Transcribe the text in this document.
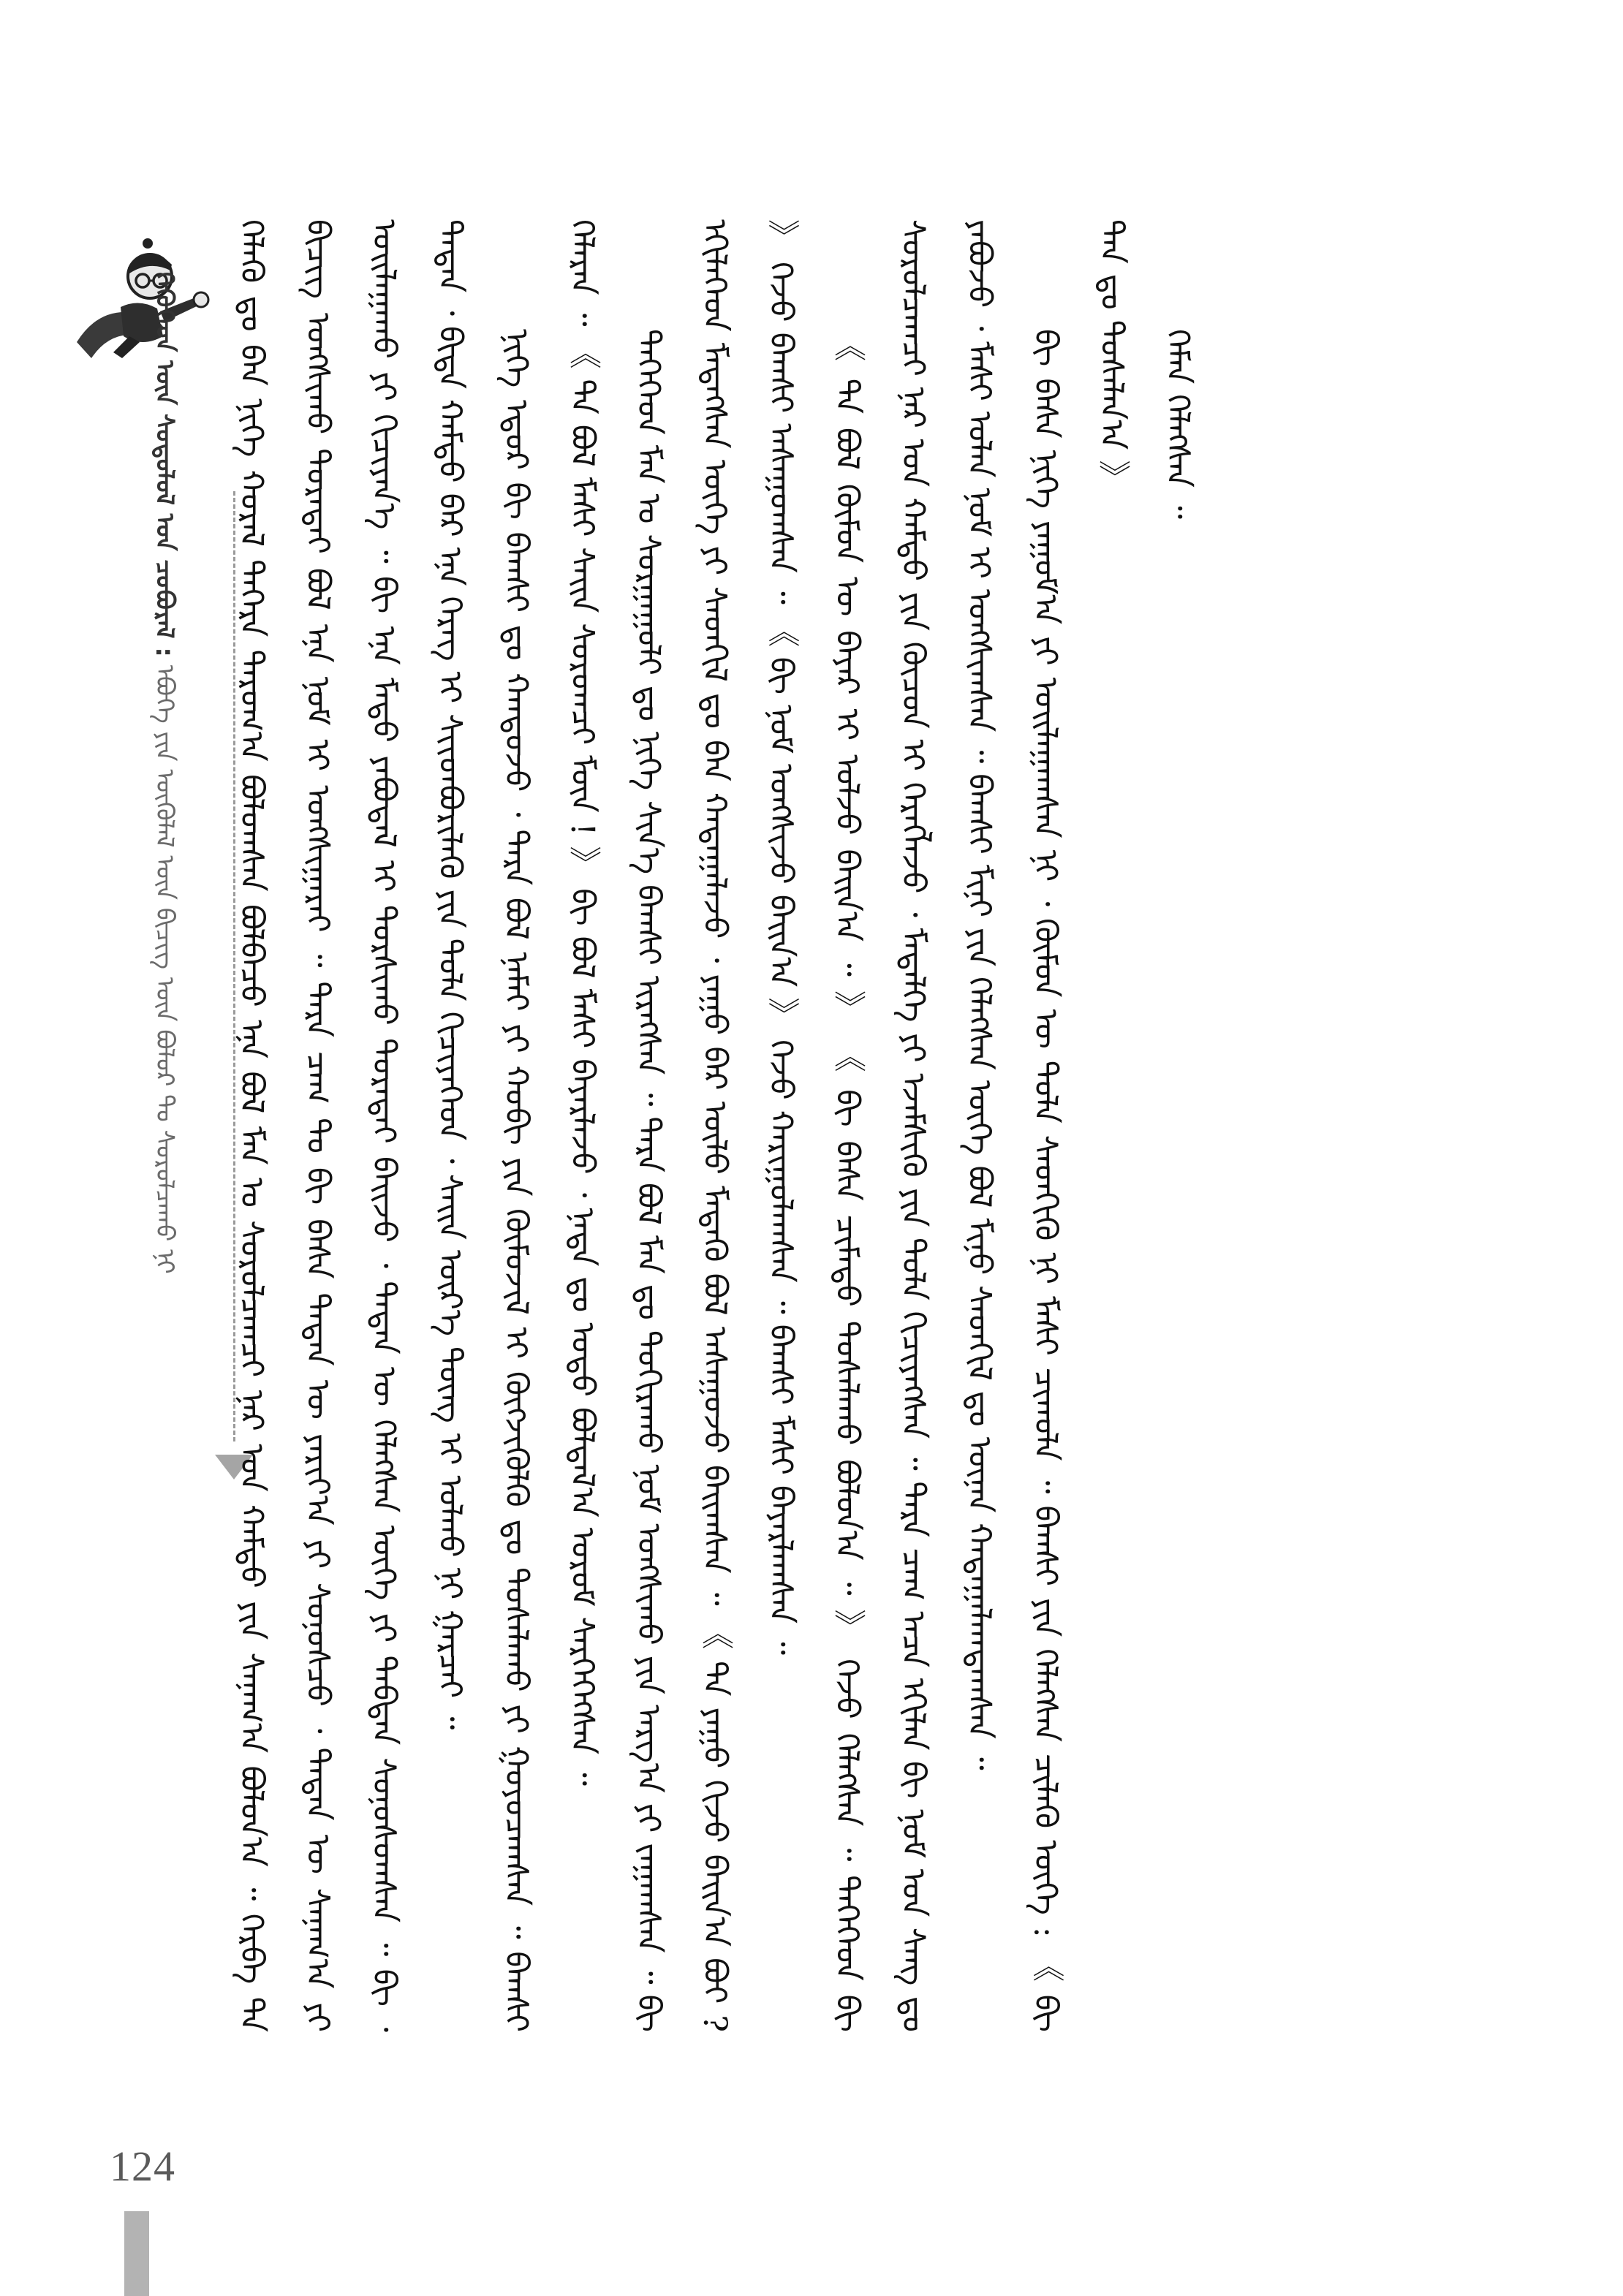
ᠬᠡᠭᠦᠬᠡᠳ ᠦᠨ ᠰᠤᠳᠤᠯᠤᠯ ᠤᠨ ᠴᠤᠪᠤᠷᠠᠯ : ᠡᠪᠦᠭᠡ ᠶᠢᠨ ᠥᠭᠦᠯᠡᠯ ᠦᠨ ᠪᠢᠴᠢᠭ ᠦᠨ ᠪᠤᠯᠤᠷ ᠲᠤ ᠰᠤᠷᠤᠯᠴᠠᠬᠤ ᠨᠢ	ᠬᠡᠯᠡᠬᠦ ᠳᠤ ᠪᠠᠨ ᠨᠢᠭᠡ ᠬᠤᠷᠠᠯ ᠳᠡᠭᠡᠷᠡ ᠳᠠᠷᠤᠭ᠎ᠠ ᠪᠤᠯᠤᠭᠰᠠᠨ ᠪᠣᠯᠪᠠᠴᠤ ᠡᠨᠡ ᠪᠣᠯ ᠮᠠᠨ ᠤ ᠰᠤᠷᠤᠯᠴᠠᠭᠴᠢ ᠨᠠᠷ ᠤᠨ ᠬᠠᠮᠲᠤ ᠶᠢᠨ ᠰᠠᠨᠠᠭ᠎ᠠ ᠪᠣᠯᠤᠨ᠎ᠠ ᠃ ᠬᠡᠷᠪᠡ ᠲᠠ ᠪᠢᠴᠢᠭ ᠤᠩᠰᠢᠬᠤ ᠳᠤᠷᠠᠲᠠᠢ ᠪᠣᠯ ᠡᠨᠡ ᠨᠣᠮ ᠢ ᠤᠩᠰᠢᠭᠠᠷᠠᠢ ᠃ ᠲᠡᠷᠡ ᠴᠠᠭ ᠲᠤ ᠪᠢ ᠪᠠᠰᠠ ᠲᠡᠳᠡᠨ ᠦ ᠶᠠᠷᠢᠶ᠎ᠠ ᠶᠢ ᠰᠣᠨᠣᠰᠴᠤ ᠂ ᠲᠡᠳᠡᠨ ᠦ ᠰᠠᠨᠠᠭ᠎ᠠ ᠶᠢ ᠣᠢᠯᠠᠭᠠᠬᠤ ᠶᠢ ᠬᠢᠴᠢᠶᠡᠨ᠎ᠡ ᠃ ᠪᠢ ᠡᠨᠡ ᠮᠡᠲᠦ ᠶᠠᠪᠤᠳᠠᠯ ᠢ ᠲᠤᠷᠰᠢᠬᠤ ᠳᠤᠷᠠᠲᠠᠢ ᠪᠠᠢᠵᠤ ᠂ ᠲᠡᠳᠡᠨ ᠦ ᠬᠡᠯᠡᠭᠰᠡᠨ ᠦᠭᠡ ᠶᠢ ᠳᠠᠪᠲᠠᠨ ᠰᠣᠨᠣᠰᠤᠭᠰᠠᠨ ᠃ ᠪᠢ ᠂ ᠲᠡᠳᠡᠨ ᠂ ᠪᠢᠳᠡ ᠬᠠᠮᠲᠤ ᠪᠡᠷ ᠡᠨᠡ ᠬᠡᠷᠡᠭ ᠢ ᠰᠢᠢᠳᠪᠦᠷᠢᠯᠡᠬᠦ ᠶᠢᠨ ᠲᠤᠯᠠ ᠬᠢᠴᠢᠶᠡᠭᠡᠳ ᠂ ᠰᠠᠢᠨ ᠦᠷ᠎ᠡ ᠳᠦᠩ ᠢ ᠣᠯᠬᠤ ᠨᠢ ᠭᠠᠷᠴᠠᠢ ᠃ ᠨᠢᠭᠡ ᠡᠳᠦᠷ ᠪᠢ ᠪᠠᠭᠰᠢ ᠳᠤ ᠬᠠᠨᠳᠤᠵᠤ ᠂ ᠲᠡᠷᠡ ᠪᠣᠯ ᠨᠠᠮᠠᠢ ᠶᠢ ᠬᠤᠪᠢ ᠶᠢᠨ ᠬᠦᠮᠦᠵᠢᠯ ᠢ ᠬᠥᠭᠵᠢᠭᠦᠯᠬᠦ ᠳᠤ ᠲᠤᠰᠠᠯᠠᠬᠤ ᠶᠢ ᠭᠤᠶᠤᠴᠠᠭᠰᠠᠨ ᠃ ᠪᠠᠭᠰᠢ ᠬᠡᠯᠡᠷᠡᠨ ᠃ 《 ᠲᠠ ᠪᠣᠯ ᠮᠠᠰᠢ ᠰᠠᠢᠨ ᠰᠤᠷᠤᠭᠴᠢ ᠮᠥᠨ ! 》 ᠪᠢ ᠪᠣᠯ ᠮᠠᠰᠢ ᠪᠠᠶᠠᠷᠯᠠᠵᠤ ᠂ ᠨᠠᠳᠠ ᠳᠤ ᠣᠳᠣ ᠪᠣᠯᠲᠠᠯ᠎ᠠ ᠤᠷᠤᠮ ᠰᠡᠷᠭᠡᠭᠡᠭᠰᠡᠨ ᠃ ᠲᠡᠭᠡᠭᠡᠳ ᠮᠠᠨ ᠤ ᠰᠤᠷᠭᠠᠭᠤᠯᠢ ᠳᠤ ᠨᠢᠭᠡ ᠰᠢᠨ᠎ᠡ ᠪᠠᠭᠰᠢ ᠢᠷᠡᠭᠰᠡᠨ ᠃ ᠲᠡᠷᠡ ᠪᠣᠯ ᠮᠠᠨ ᠳᠤ ᠲᠤᠬᠢᠷᠠᠬᠤ ᠨᠣᠮ ᠤᠩᠰᠢᠬᠤ ᠶᠢᠨ ᠠᠷᠭ᠎ᠠ ᠶᠢ ᠵᠠᠭᠠᠭᠰᠠᠨ ᠃ ᠪᠢ ᠡᠬᠢᠯᠡᠭᠡᠳ ᠮᠡᠳᠡᠭᠰᠡᠨ ᠦᠭᠡ ᠶᠢ ᠰᠡᠳᠬᠢᠯ ᠳᠤ ᠪᠠᠨ ᠬᠠᠳᠠᠭᠠᠯᠠᠵᠤ ᠂ ᠶᠠᠭᠤ ᠪᠠᠷ ᠦᠯᠦ ᠮᠡᠳᠡᠬᠦ ᠪᠣᠯ ᠠᠰᠠᠭᠤᠵᠤ ᠪᠠᠢᠭᠰᠠᠨ ᠃ 《 ᠲᠠ ᠶᠠᠭᠤ ᠬᠢᠵᠦ ᠪᠠᠢᠨ᠎ᠠ ᠪᠤᠢ ? 》 ᠭᠡᠵᠦ ᠪᠠᠭᠰᠢ ᠠᠰᠠᠭᠤᠭᠰᠠᠨ ᠃ 《 ᠪᠢ ᠨᠣᠮ ᠤᠩᠰᠢᠵᠤ ᠪᠠᠢᠨ᠎ᠠ 》 ᠭᠡᠵᠦ ᠬᠠᠷᠢᠭᠤᠯᠠᠭᠰᠠᠨ ᠃ ᠪᠠᠭᠰᠢ ᠮᠠᠰᠢ ᠪᠠᠶᠠᠷᠯᠠᠭᠰᠠᠨ ᠃ 《 ᠲᠠ ᠪᠣᠯ ᠬᠦᠮᠦᠨ ᠦ ᠪᠠᠶᠠᠷ ᠢ ᠣᠯᠵᠤ ᠪᠠᠢᠨ᠎ᠠ ᠃ 》 《 ᠪᠢ ᠪᠠᠰᠠ ᠴᠢᠮᠠᠳᠤ ᠲᠤᠰᠠᠯᠠᠬᠤ ᠪᠣᠯᠤᠨ᠎ᠠ ᠃ 》 ᠭᠡᠵᠦ ᠬᠡᠯᠡᠭᠰᠡᠨ ᠃ ᠲᠡᠭᠡᠭᠡᠳ ᠪᠢ ᠰᠤᠷᠤᠯᠴᠠᠭᠴᠢ ᠨᠠᠷ ᠤᠨ ᠬᠠᠮᠲᠤ ᠶᠢᠨ ᠬᠦᠴᠦᠨ ᠢ ᠬᠡᠷᠡᠭᠯᠡᠵᠦ ᠂ ᠮᠡᠳᠡᠯᠭᠡ ᠶᠢ ᠡᠵᠡᠮᠰᠢᠬᠦ ᠶᠢᠨ ᠲᠤᠯᠠ ᠬᠢᠴᠢᠶᠡᠭᠰᠡᠨ ᠃ ᠲᠡᠷᠡ ᠴᠠᠭ ᠠᠴᠠ ᠡᠬᠢᠯᠡᠨ ᠪᠢ ᠨᠣᠮ ᠤᠨ ᠰᠠᠩ ᠳᠤ ᠶᠠᠪᠤᠵᠤ ᠂ ᠮᠠᠰᠢ ᠣᠯᠠᠨ ᠨᠣᠮ ᠢ ᠤᠩᠰᠢᠭᠰᠠᠨ ᠃ ᠪᠠᠭᠰᠢ ᠮᠢᠨᠢ ᠶᠢᠨ ᠬᠡᠯᠡᠭᠰᠡᠨ ᠦᠭᠡ ᠪᠣᠯ ᠮᠢᠨᠦ ᠰᠡᠳᠬᠢᠯ ᠳᠤ ᠦᠨᠡᠨ ᠬᠠᠳᠠᠭᠠᠯᠠᠭᠳᠠᠭᠰᠠᠨ ᠃ ᠪᠢ ᠪᠠᠰᠠ ᠨᠢᠭᠡ ᠶᠠᠭᠤᠮ᠎ᠠ ᠶᠢ ᠣᠢᠯᠠᠭᠠᠭᠰᠠᠨ ᠨᠢ ᠂ ᠬᠦᠮᠦᠨ ᠦ ᠲᠤᠯᠠ ᠰᠡᠳᠬᠢᠬᠦ ᠨᠢ ᠮᠠᠰᠢ ᠴᠢᠬᠤᠯᠠ ᠃ ᠪᠠᠭᠰᠢ ᠶᠢᠨ ᠬᠡᠯᠡᠭᠰᠡᠨ ᠴᠢᠯᠡᠭᠦ ᠦᠭᠡ : 《 ᠪᠢ ᠲᠠᠨ ᠳᠤ ᠲᠤᠰᠠᠯᠠᠨ᠎ᠠ 》 ᠬᠡᠮᠡᠨ ᠬᠡᠯᠡᠭᠰᠡᠨ ᠃

124
